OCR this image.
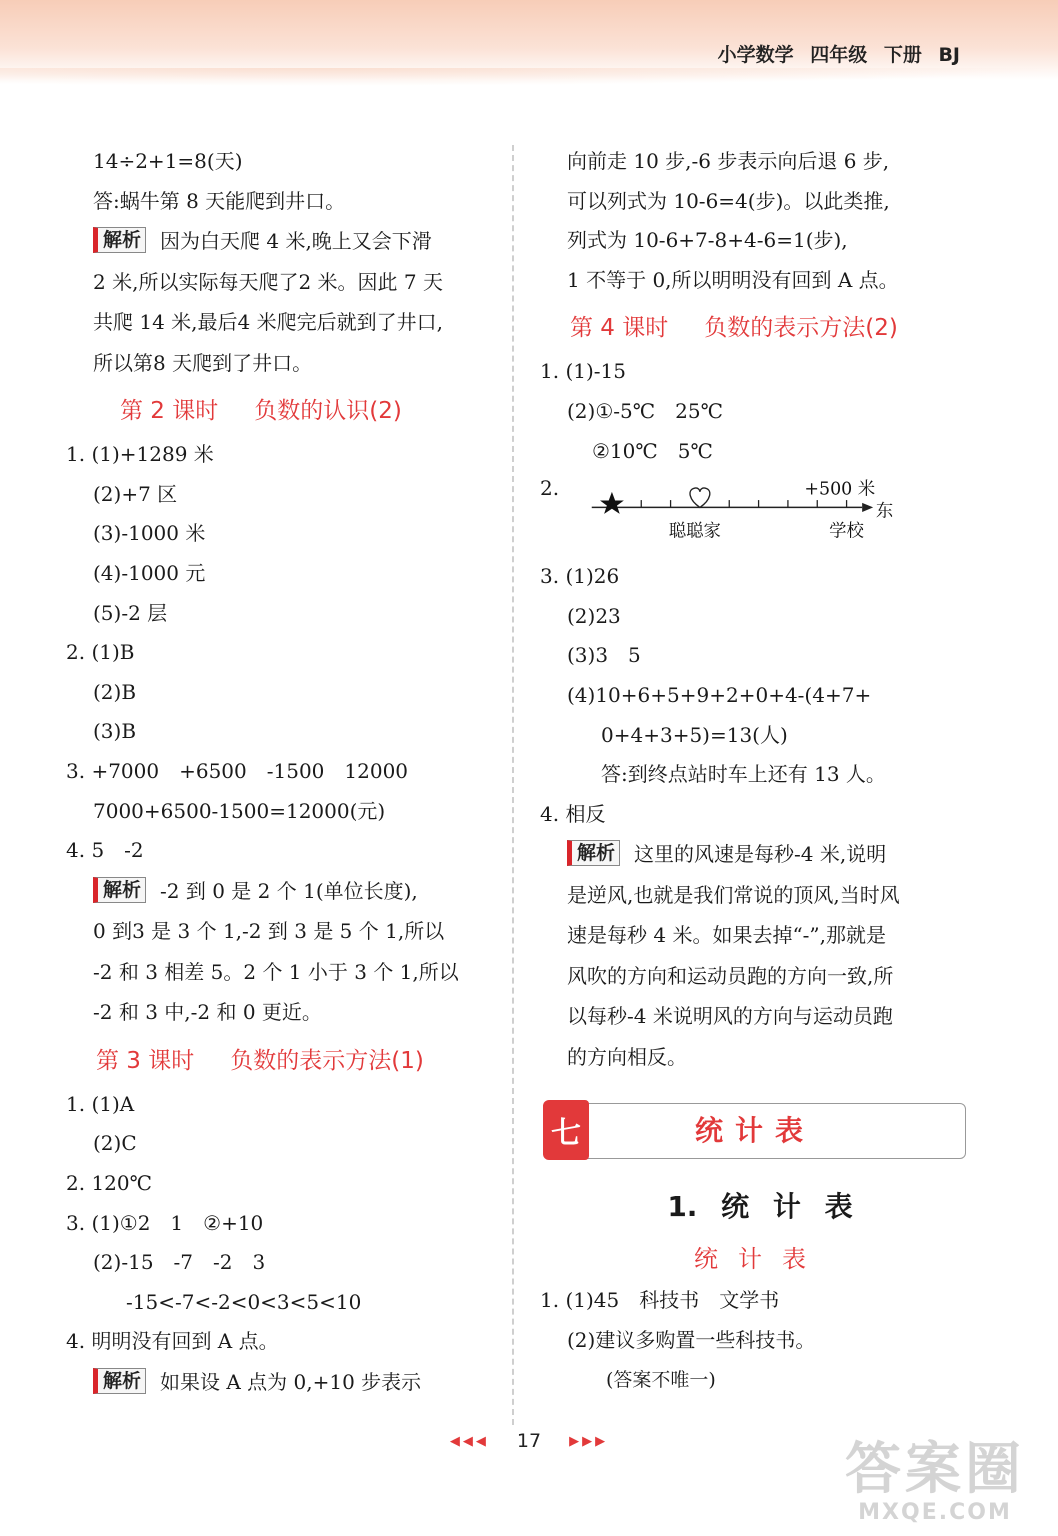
小学数学 四年级 下册 BJ
14÷2+1=8(天)
答:蜗牛第 8 天能爬到井口。
解析 因为白天爬 4 米,晚上又会下滑
2 米,所以实际每天爬了2 米。因此 7 天
共爬 14 米,最后4 米爬完后就到了井口,
所以第8 天爬到了井口。
第 2 课时 负数的认识(2)
1. (1)+1289 米
(2)+7 区
(3)-1000 米
(4)-1000 元
(5)-2 层
2. (1)B
(2)B
(3)B
3. +7000　+6500　-1500　12000
7000+6500-1500=12000(元)
4. 5　-2
解析 -2 到 0 是 2 个 1(单位长度),
0 到3 是 3 个 1,-2 到 3 是 5 个 1,所以
-2 和 3 相差 5。2 个 1 小于 3 个 1,所以
-2 和 3 中,-2 和 0 更近。
第 3 课时 负数的表示方法(1)
1. (1)A
(2)C
2. 120℃
3. (1)①2　1　②+10
(2)-15　-7　-2　3
-15<-7<-2<0<3<5<10
4. 明明没有回到 A 点。
解析 如果设 A 点为 0,+10 步表示
向前走 10 步,-6 步表示向后退 6 步,
可以列式为 10-6=4(步)。以此类推,
列式为 10-6+7-8+4-6=1(步),
1 不等于 0,所以明明没有回到 A 点。
第 4 课时 负数的表示方法(2)
1. (1)-15
(2)①-5℃　25℃
②10℃　5℃
2.	+500 米
东
聪聪家	学校
3. (1)26
(2)23
(3)3　5
(4)10+6+5+9+2+0+4-(4+7+
0+4+3+5)=13(人)
答:到终点站时车上还有 13 人。
4. 相反
解析 这里的风速是每秒-4 米,说明
是逆风,也就是我们常说的顶风,当时风
速是每秒 4 米。如果去掉“-”,那就是
风吹的方向和运动员跑的方向一致,所
以每秒-4 米说明风的方向与运动员跑
的方向相反。
七	统计表
1. 统 计 表
统计表
1. (1)45　科技书　文学书
(2)建议多购置一些科技书。
(答案不唯一)
◀◀◀ 17 ▶▶▶	答案圈
MXQE.COM
